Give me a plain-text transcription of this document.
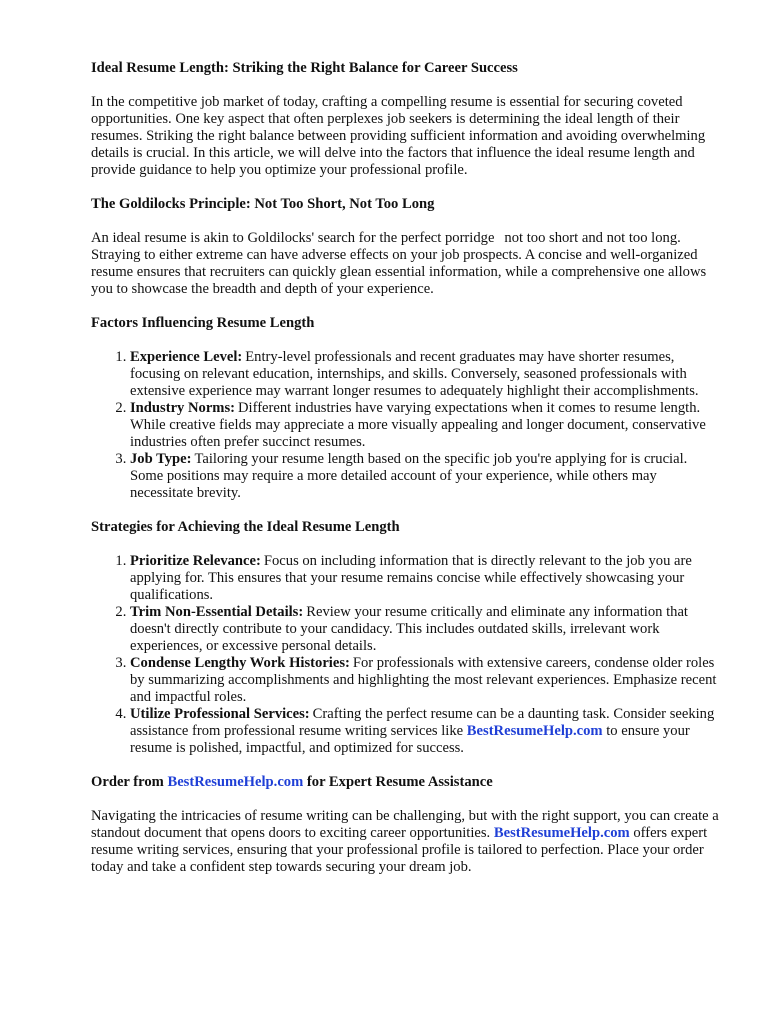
Ideal Resume Length: Striking the Right Balance for Career Success

In the competitive job market of today, crafting a compelling resume is essential for securing coveted opportunities. One key aspect that often perplexes job seekers is determining the ideal length of their resumes. Striking the right balance between providing sufficient information and avoiding overwhelming details is crucial. In this article, we will delve into the factors that influence the ideal resume length and provide guidance to help you optimize your professional profile.

The Goldilocks Principle: Not Too Short, Not Too Long

An ideal resume is akin to Goldilocks' search for the perfect porridge not too short and not too long. Straying to either extreme can have adverse effects on your job prospects. A concise and well-organized resume ensures that recruiters can quickly glean essential information, while a comprehensive one allows you to showcase the breadth and depth of your experience.

Factors Influencing Resume Length
1. Experience Level: Entry-level professionals and recent graduates may have shorter resumes, focusing on relevant education, internships, and skills. Conversely, seasoned professionals with extensive experience may warrant longer resumes to adequately highlight their accomplishments.
2. Industry Norms: Different industries have varying expectations when it comes to resume length. While creative fields may appreciate a more visually appealing and longer document, conservative industries often prefer succinct resumes.
3. Job Type: Tailoring your resume length based on the specific job you're applying for is crucial. Some positions may require a more detailed account of your experience, while others may necessitate brevity.
Strategies for Achieving the Ideal Resume Length
1. Prioritize Relevance: Focus on including information that is directly relevant to the job you are applying for. This ensures that your resume remains concise while effectively showcasing your qualifications.
2. Trim Non-Essential Details: Review your resume critically and eliminate any information that doesn't directly contribute to your candidacy. This includes outdated skills, irrelevant work experiences, or excessive personal details.
3. Condense Lengthy Work Histories: For professionals with extensive careers, condense older roles by summarizing accomplishments and highlighting the most relevant experiences. Emphasize recent and impactful roles.
4. Utilize Professional Services: Crafting the perfect resume can be a daunting task. Consider seeking assistance from professional resume writing services like BestResumeHelp.com to ensure your resume is polished, impactful, and optimized for success.
Order from BestResumeHelp.com for Expert Resume Assistance

Navigating the intricacies of resume writing can be challenging, but with the right support, you can create a standout document that opens doors to exciting career opportunities. BestResumeHelp.com offers expert resume writing services, ensuring that your professional profile is tailored to perfection. Place your order today and take a confident step towards securing your dream job.
